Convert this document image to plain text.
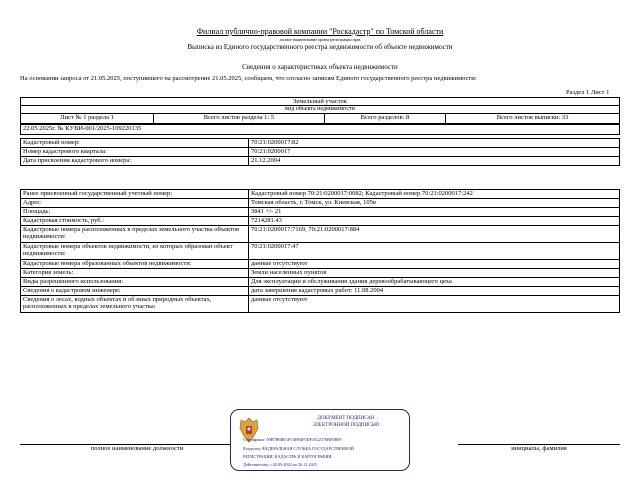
Филиал публично-правовой компании "Роскадастр" по Томской области
полное наименование органа регистрации прав
Выписка из Единого государственного реестра недвижимости об объекте недвижимости
Сведения о характеристиках объекта недвижимости
На основании запроса от 21.05.2025, поступившего на рассмотрение 21.05.2025, сообщаем, что согласно записям Единого государственного реестра недвижимости:
Раздел 1 Лист 1
Земельный участок

вид объекта недвижимости
Лист № 1 раздела 1	Всего листов раздела 1: 5	Всего разделов: 8	Всего листов выписки: 33
22.05.2025г. № КУВИ-001/2025-109220135
Кадастровый номер:	70:21:0200017:82
Номер кадастрового квартала:	70:21:0200017
Дата присвоения кадастрового номера:	21.12.2004
Ранее присвоенный государственный учетный номер:	Кадастровый номер 70:21:0200017:0082; Кадастровый номер 70:21:0200017:242
Адрес:	Томская область, г. Томск, ул. Киевская, 105в
Площадь:	3841 +/- 21
Кадастровая стоимость, руб.:	7214281.43
Кадастровые номера расположенных в пределах земельного участка объектов недвижимости:	70:21:0200017:7169, 70:21:0200017:884
Кадастровые номера объектов недвижимости, из которых образован объект недвижимости:	70:21:0200017:47
Кадастровые номера образованных объектов недвижимости:	данные отсутствуют
Категория земель:	Земли населенных пунктов
Виды разрешенного использования:	Для эксплуатации и обслуживания здания деревообрабатывающего цеха
Сведения о кадастровом инженере:	дата завершения кадастровых работ: 11.08.2004
Сведения о лесах, водных объектах и об иных природных объектах, расположенных в пределах земельного участка:	данные отсутствуют
полное наименование должности		инициалы, фамилия
ДОКУМЕНТ ПОДПИСАН
ЭЛЕКТРОННОЙ ПОДПИСЬЮ
Сертификат: 00B7B6BE1FC6B94F0DF1E22576BE9B09
Владелец: ФЕДЕРАЛЬНАЯ СЛУЖБА ГОСУДАРСТВЕННОЙ
РЕГИСТРАЦИИ, КАДАСТРА И КАРТОГРАФИИ
Действителен: с 02.09.2024 по 26.11.2025
